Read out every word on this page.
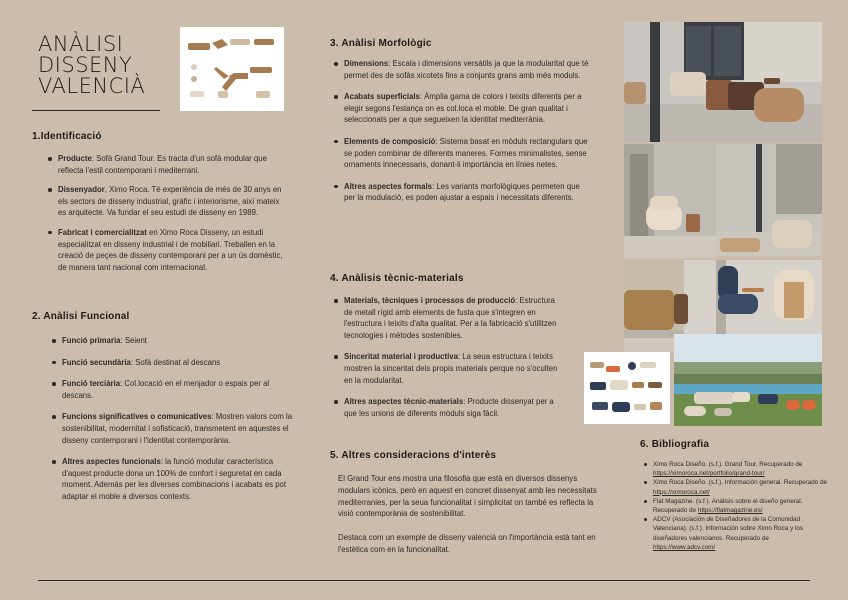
ANÀLISI
DISSENY
VALENCIÀ
1.Identificació
Producte: Sofà Grand Tour. Es tracta d'un sofà modular que reflecta l'estil contemporani i mediterrani.
Dissenyador, Ximo Roca. Té experiència de més de 30 anys en els sectors de disseny industrial, gràfic i interiorisme, així mateix es arquitecte. Va fundar el seu estudi de disseny en 1989.
Fabricat i comercialitzat en Ximo Roca Disseny, un estudi especialitzat en disseny industrial i de mobiliari. Treballen en la creació de peçes de disseny contemporani per a un ús domèstic, de manera tant nacional com internacional.
2. Anàlisi Funcional
Funció primaria: Seient
Funció secundària: Sofà destinat al descans
Funció terciària: Col.locació en el menjador o espais per al descans.
Funcions significatives o comunicatives: Mostren valors com la sostenibilitat, modernitat i sofisticació, transmetent en aquestes el disseny contemporani i l'identitat contemporània.
Altres aspectes funcionals: la funció modular característica d'aquest producte dona un 100% de confort i seguretat en cada moment. Además per les diverses combinacions i acabats es pot adaptar el moble a diversos contexts.
3. Anàlisi Morfològic
Dimensions: Escala i dimensions versàtils ja que la modularitat que té permet des de sofàs xicotets fins a conjunts grans amb més moduls.
Acabats superficials: Àmplia gama de colors i teixits diferents per a elegir segons l'estança on es col.loca el moble. De gran qualitat i seleccionats per a que segueixen la identitat mediterrània.
Elements de composició: Sistema basat en mòduls rectangulars que se poden combinar de diferents maneres. Formes minimalistes, sense ornaments innecessaris, donant-li importància en línies netes.
Altres aspectes formals: Les variants morfològiques permeten que per la modulació, es poden ajustar a espais i necessitats diferents.
4. Anàlisis tècnic-materials
Materials, tècniques i processos de producció: Estructura de metall rígid amb elements de fusta que s'integren en l'estructura i teixits d'alta qualitat. Per a la fabricació s'utilitzen tecnologies i mètodes sostenibles.
Sinceritat material i productiva: La seua estructura i teixits mostren la sinceritat dels propis materials perque no s'oculten en la modularitat.
Altres aspectes tècnic-materials: Producte dissenyat per a que les unions de diferents mòduls siga fàcil.
5. Altres consideracions d'interès

El Grand Tour ens mostra una filosofia que està en diversos dissenys modulars icònics, però en aquest en concret dissenyat amb les necessitats mediterranies, per la seua funcionalitat i simplicitat on també es reflecta la visió contemporània de sostenibilitat.

Destaca com un exemple de disseny valencià on l'importància està tant en l'estètica com en la funcionalitat.

6. Bibliografia
Ximo Roca Diseño. (s.f.). Grand Tour. Recuperado de https://ximoroca.net/portfolio/grand-tour/
Ximo Roca Diseño. (s.f.). Información general. Recuperado de https://ximoroca.net/
Flat Magazine. (s.f.). Análisis sobre el diseño general. Recuperado de https://flatmagazine.es/
ADCV (Asociación de Diseñadores de la Comunidad Valenciana). (s.f.). Información sobre Ximo Roca y los diseñadores valencianos. Recuperado de https://www.adcv.com/
